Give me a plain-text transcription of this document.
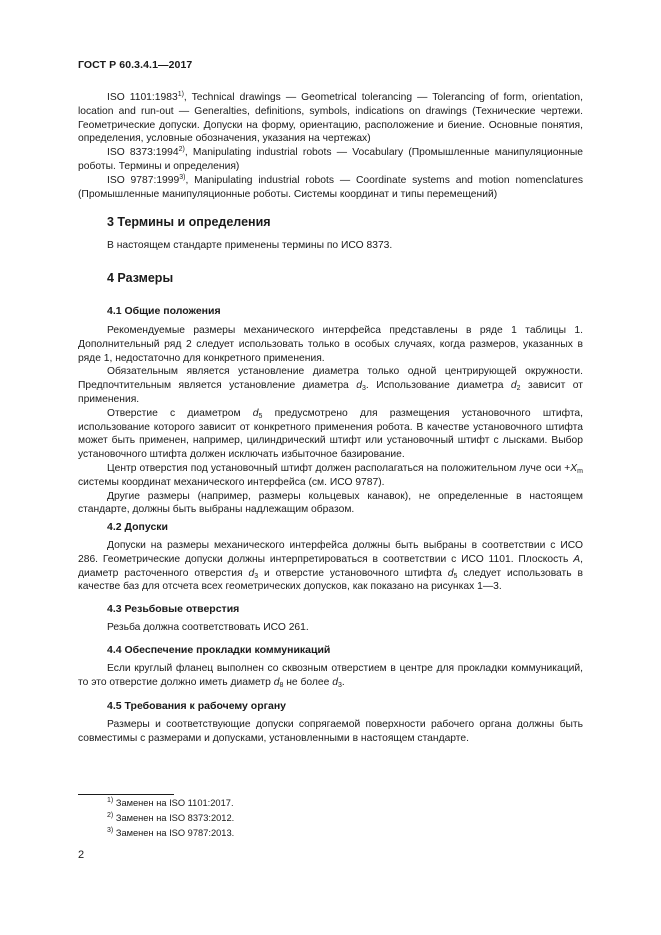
ГОСТ Р 60.3.4.1—2017

ISO 1101:1983$^{1)}$, Technical drawings — Geometrical tolerancing — Tolerancing of form, orientation, location and run-out — Generalties, definitions, symbols, indications on drawings (Технические чертежи. Геометрические допуски. Допуски на форму, ориентацию, расположение и биение. Основные понятия, определения, условные обозначения, указания на чертежах)

ISO 8373:1994$^{2)}$, Manipulating industrial robots — Vocabulary (Промышленные манипуляционные роботы. Термины и определения)

ISO 9787:1999$^{3)}$, Manipulating industrial robots — Coordinate systems and motion nomenclatures (Промышленные манипуляционные роботы. Системы координат и типы перемещений)

3 Термины и определения

В настоящем стандарте применены термины по ИСО 8373.

4 Размеры
4.1 Общие положения

Рекомендуемые размеры механического интерфейса представлены в ряде 1 таблицы 1. Дополнительный ряд 2 следует использовать только в особых случаях, когда размеров, указанных в ряде 1, недостаточно для конкретного применения.

Обязательным является установление диаметра только одной центрирующей окружности. Предпочтительным является установление диаметра $d_3$. Использование диаметра $d_2$ зависит от применения.

Отверстие с диаметром $d_5$ предусмотрено для размещения установочного штифта, использование которого зависит от конкретного применения робота. В качестве установочного штифта может быть применен, например, цилиндрический штифт или установочный штифт с лысками. Выбор установочного штифта должен исключать избыточное базирование.

Центр отверстия под установочный штифт должен располагаться на положительном луче оси $+X_m$ системы координат механического интерфейса (см. ИСО 9787).

Другие размеры (например, размеры кольцевых канавок), не определенные в настоящем стандарте, должны быть выбраны надлежащим образом.

4.2 Допуски

Допуски на размеры механического интерфейса должны быть выбраны в соответствии с ИСО 286. Геометрические допуски должны интерпретироваться в соответствии с ИСО 1101. Плоскость А, диаметр расточенного отверстия $d_3$ и отверстие установочного штифта $d_5$ следует использовать в качестве баз для отсчета всех геометрических допусков, как показано на рисунках 1—3.

4.3 Резьбовые отверстия

Резьба должна соответствовать ИСО 261.

4.4 Обеспечение прокладки коммуникаций

Если круглый фланец выполнен со сквозным отверстием в центре для прокладки коммуникаций, то это отверстие должно иметь диаметр $d_8$ не более $d_3$.

4.5 Требования к рабочему органу

Размеры и соответствующие допуски сопрягаемой поверхности рабочего органа должны быть совместимы с размерами и допусками, установленными в настоящем стандарте.

$^{1)}$ Заменен на ISO 1101:2017.
$^{2)}$ Заменен на ISO 8373:2012.
$^{3)}$ Заменен на ISO 9787:2013.
2
